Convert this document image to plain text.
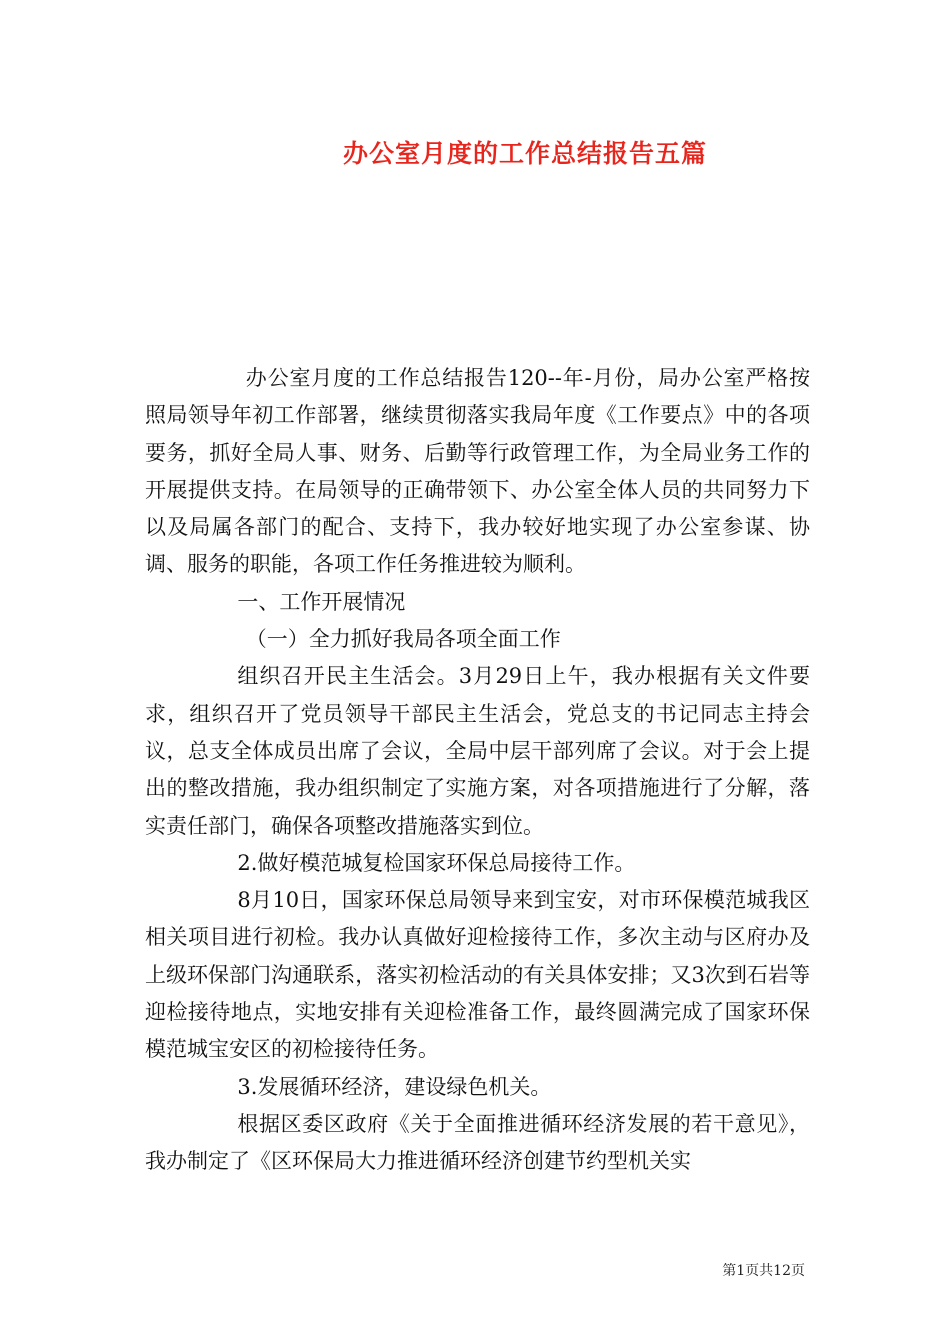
办公室月度的工作总结报告五篇

办公室月度的工作总结报告120--年-月份，局办公室严格按照局领导年初工作部署，继续贯彻落实我局年度《工作要点》中的各项要务，抓好全局人事、财务、后勤等行政管理工作，为全局业务工作的开展提供支持。在局领导的正确带领下、办公室全体人员的共同努力下以及局属各部门的配合、支持下，我办较好地实现了办公室参谋、协调、服务的职能，各项工作任务推进较为顺利。

一、工作开展情况

（一）全力抓好我局各项全面工作

组织召开民主生活会。3月29日上午，我办根据有关文件要求，组织召开了党员领导干部民主生活会，党总支的书记同志主持会议，总支全体成员出席了会议，全局中层干部列席了会议。对于会上提出的整改措施，我办组织制定了实施方案，对各项措施进行了分解，落实责任部门，确保各项整改措施落实到位。

2.做好模范城复检国家环保总局接待工作。

8月10日，国家环保总局领导来到宝安，对市环保模范城我区相关项目进行初检。我办认真做好迎检接待工作，多次主动与区府办及上级环保部门沟通联系，落实初检活动的有关具体安排；又3次到石岩等迎检接待地点，实地安排有关迎检准备工作，最终圆满完成了国家环保模范城宝安区的初检接待任务。

3.发展循环经济，建设绿色机关。

根据区委区政府《关于全面推进循环经济发展的若干意见》，我办制定了《区环保局大力推进循环经济创建节约型机关实

第1页共12页
